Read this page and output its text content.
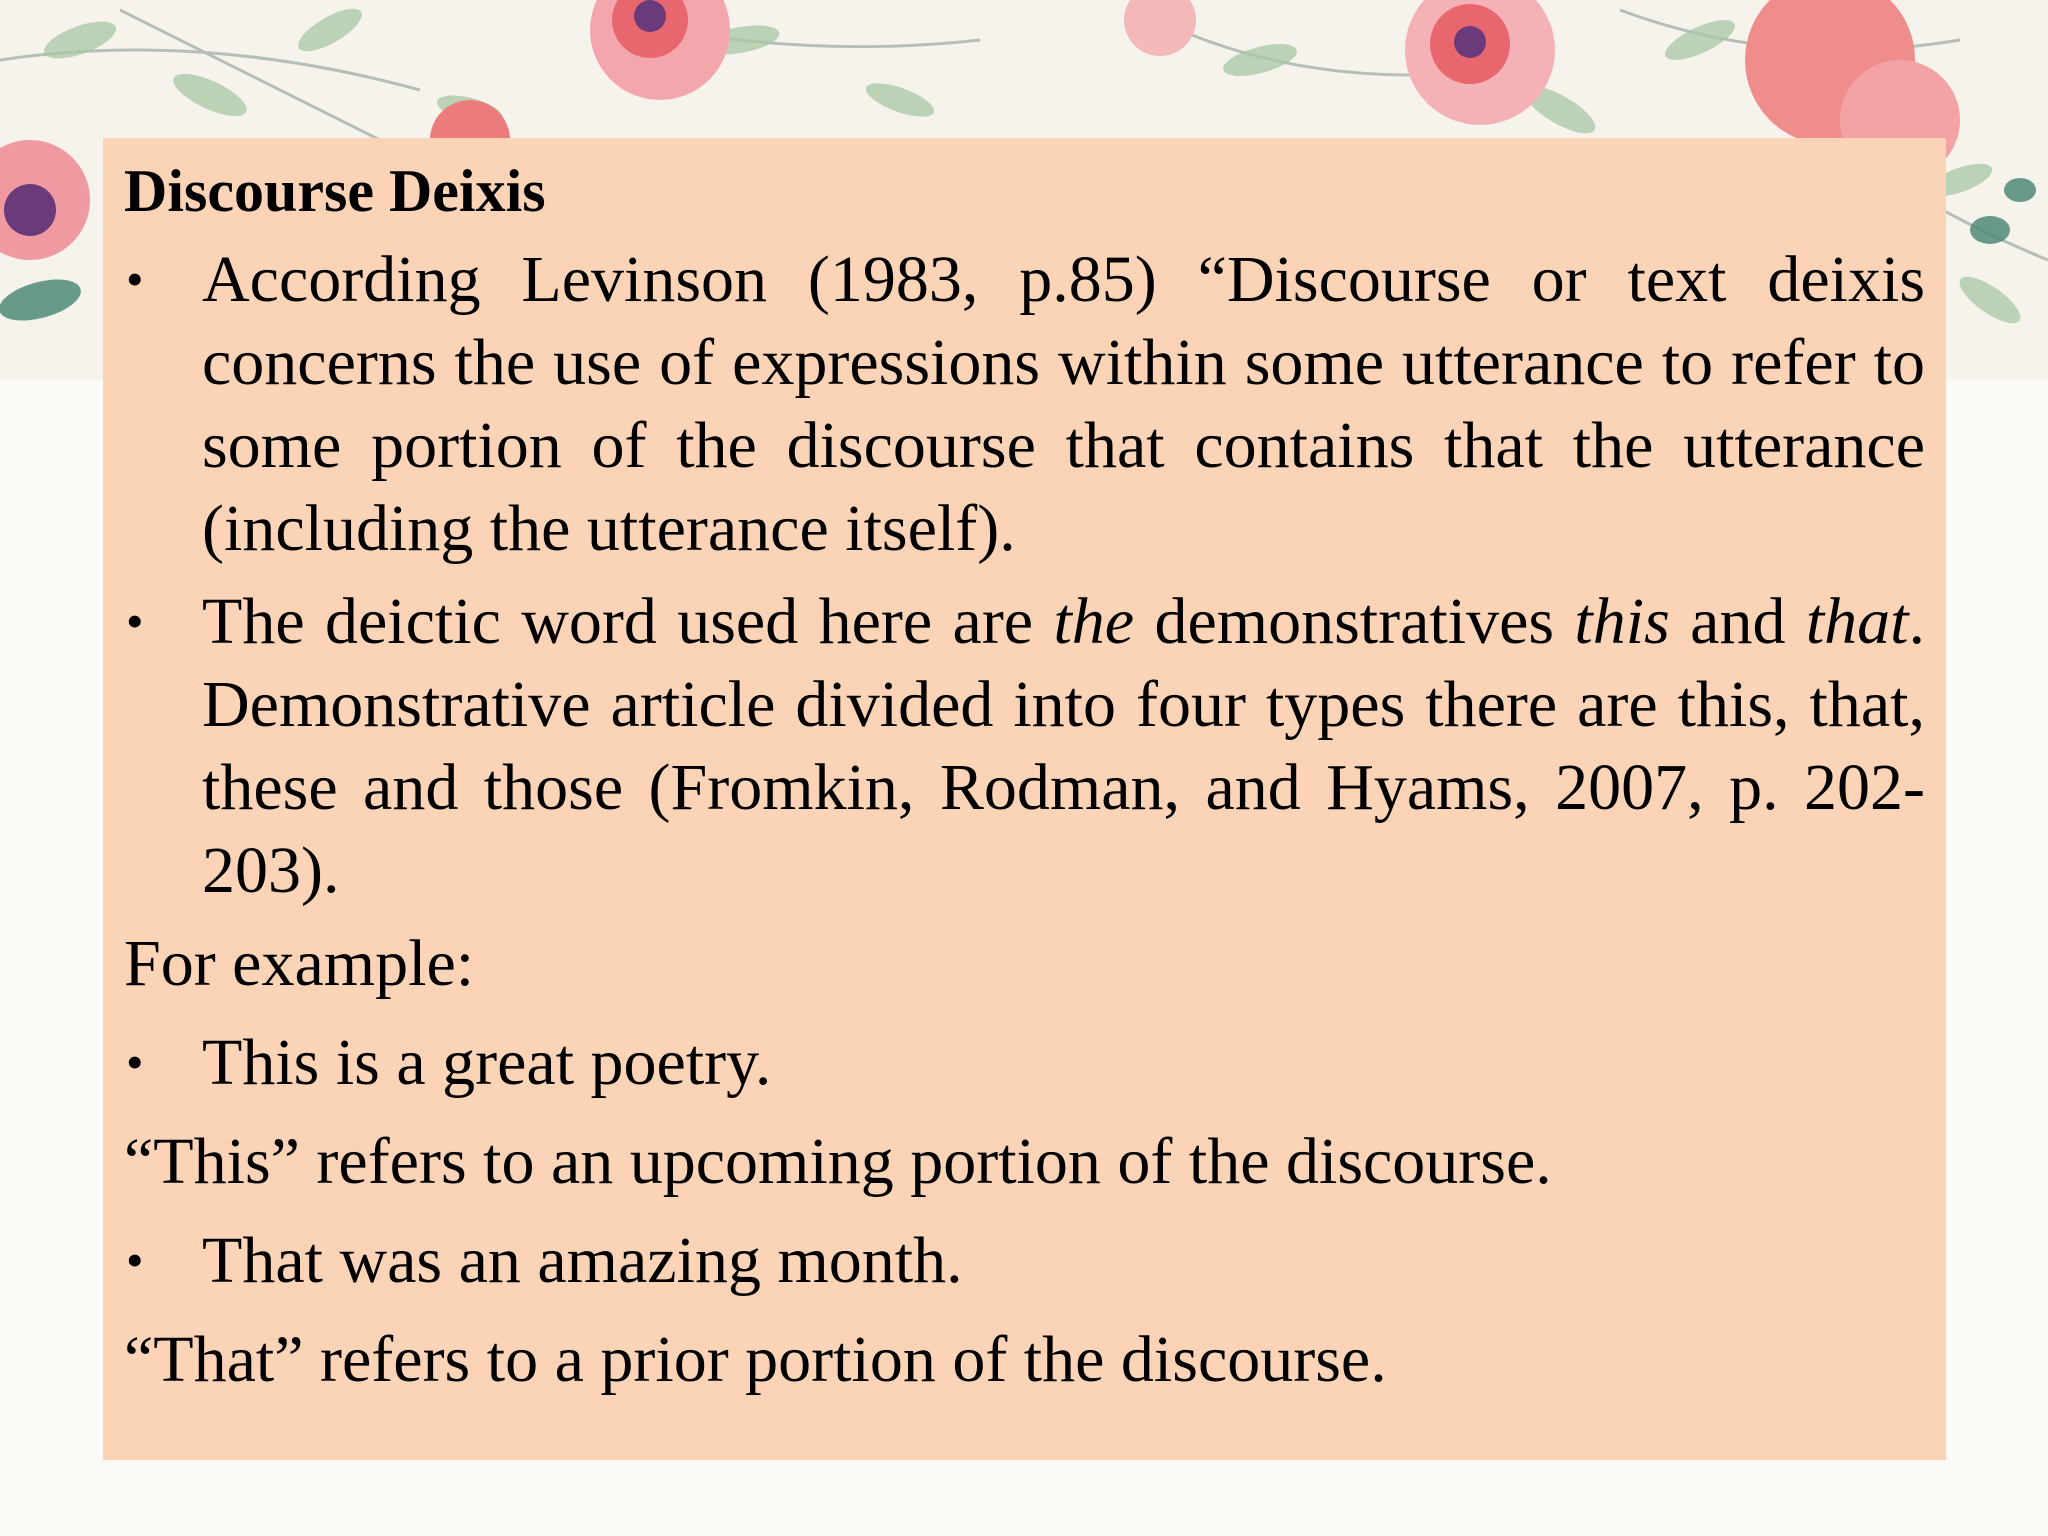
Discourse Deixis
• According Levinson (1983, p.85) “Discourse or text deixis concerns the use of expressions within some utterance to refer to some portion of the discourse that contains that the utterance (including the utterance itself).
• The deictic word used here are the demonstratives this and that. Demonstrative article divided into four types there are this, that, these and those (Fromkin, Rodman, and Hyams, 2007, p. 202-203).
For example:
• This is a great poetry.
“This” refers to an upcoming portion of the discourse.
• That was an amazing month.
“That” refers to a prior portion of the discourse.
